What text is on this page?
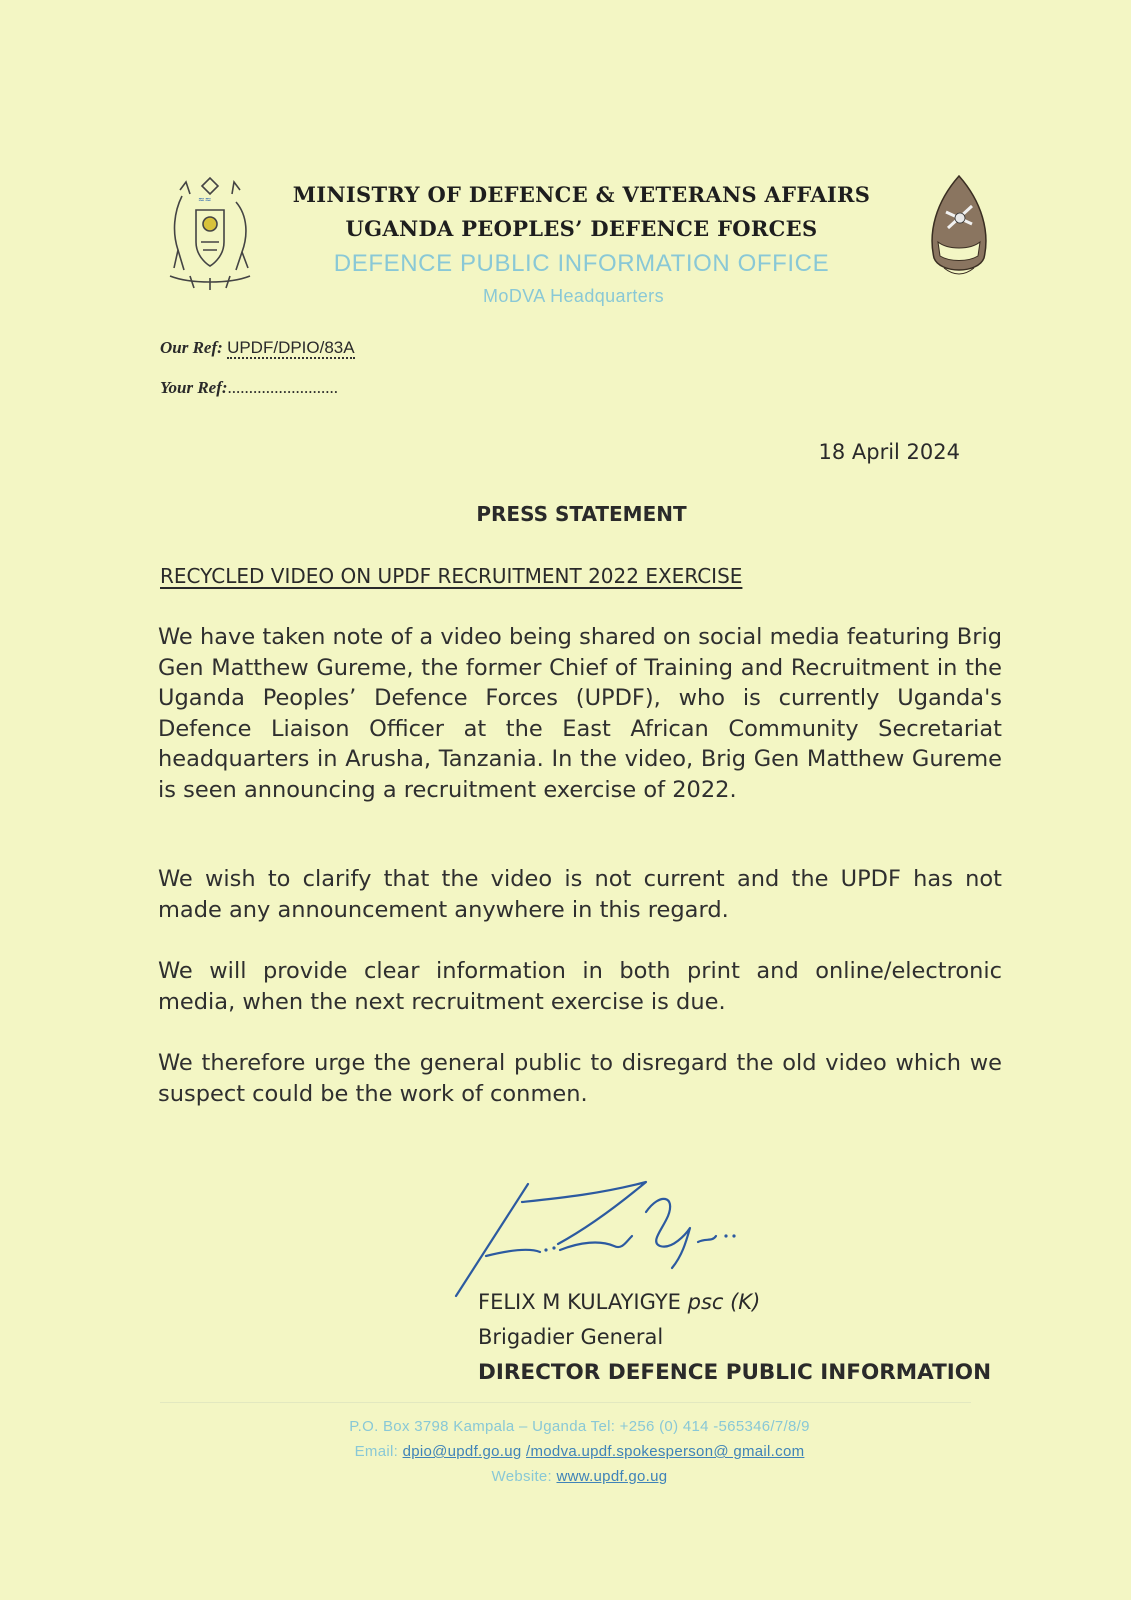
≈≈	MINISTRY OF DEFENCE & VETERANS AFFAIRS
UGANDA PEOPLES’ DEFENCE FORCES
DEFENCE PUBLIC INFORMATION OFFICE
MoDVA Headquarters
Our Ref: UPDF/DPIO/83A
Your Ref:..........................
18 April 2024
PRESS STATEMENT
RECYCLED VIDEO ON UPDF RECRUITMENT 2022 EXERCISE
We have taken note of a video being shared on social media featuring Brig Gen Matthew Gureme, the former Chief of Training and Recruitment in the Uganda Peoples’ Defence Forces (UPDF), who is currently Uganda's Defence Liaison Officer at the East African Community Secretariat headquarters in Arusha, Tanzania. In the video, Brig Gen Matthew Gureme is seen announcing a recruitment exercise of 2022.
We wish to clarify that the video is not current and the UPDF has not made any announcement anywhere in this regard.
We will provide clear information in both print and online/electronic media, when the next recruitment exercise is due.
We therefore urge the general public to disregard the old video which we suspect could be the work of conmen.
FELIX M KULAYIGYE psc (K)
Brigadier General
DIRECTOR DEFENCE PUBLIC INFORMATION
P.O. Box 3798 Kampala – Uganda Tel: +256 (0) 414 -565346/7/8/9
Email: dpio@updf.go.ug /modva.updf.spokesperson@ gmail.com
Website: www.updf.go.ug
